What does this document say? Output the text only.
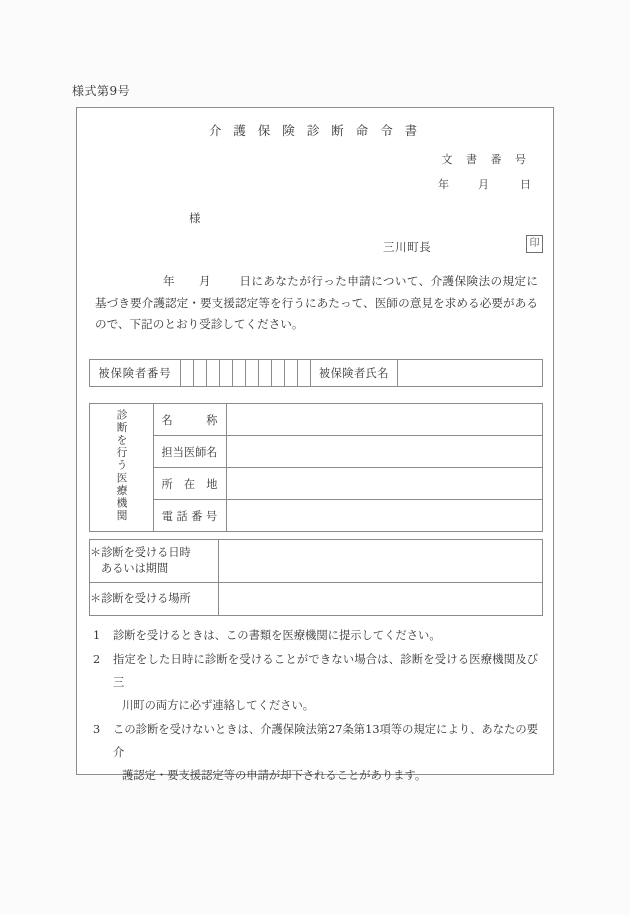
様式第9号
介 護 保 険 診 断 命 令 書
文 書 番 号
年	月	日
様
三川町長	印
年 月 日にあなたが行った申請について、介護保険法の規定に基づき要介護認定・要支援認定等を行うにあたって、医師の意見を求める必要があるので、下記のとおり受診してください。
被保険者番号											被保険者氏名	
診断を行う医療機関	名　　　称	
	担当医師名	
	所　在　地	
	電 話 番 号	
＊診断を受ける日時
あるいは期間	

＊診断を受ける場所	
1	診断を受けるときは、この書類を医療機関に提示してください。
2	指定をした日時に診断を受けることができない場合は、診断を受ける医療機関及び三
川町の両方に必ず連絡してください。
3	この診断を受けないときは、介護保険法第27条第13項等の規定により、あなたの要介
護認定・要支援認定等の申請が却下されることがあります。
